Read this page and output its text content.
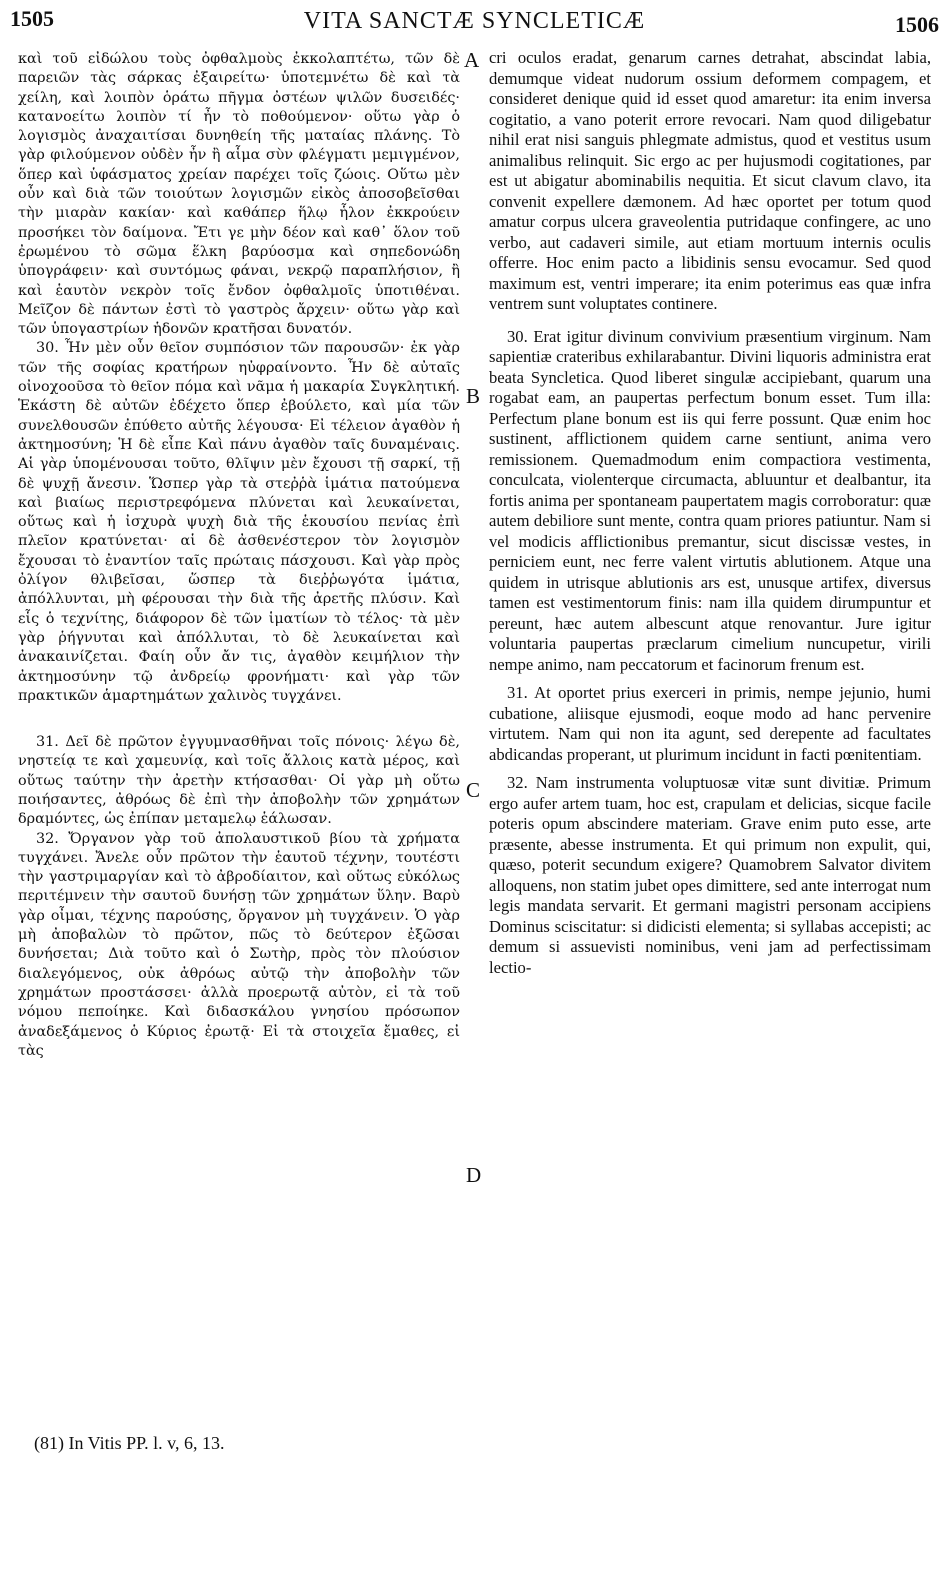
1505	VITA SANCTÆ SYNCLETICÆ	1506

καὶ τοῦ εἰδώλου τοὺς ὀφθαλμοὺς ἐκκολαπτέτω, τῶν δὲ παρειῶν τὰς σάρκας ἐξαιρείτω· ὑποτεμνέτω δὲ καὶ τὰ χείλη, καὶ λοιπὸν ὁράτω πῆγμα ὀστέων ψιλῶν δυσειδές· κατανοείτω λοιπὸν τί ἦν τὸ ποθούμενον· οὕτω γὰρ ὁ λογισμὸς ἀναχαιτίσαι δυνηθείη τῆς ματαίας πλάνης. Τὸ γὰρ φιλούμενον οὐδὲν ἦν ἢ αἷμα σὺν φλέγματι μεμιγμένον, ὅπερ καὶ ὑφάσματος χρείαν παρέχει τοῖς ζώοις. Οὕτω μὲν οὖν καὶ διὰ τῶν τοιούτων λογισμῶν εἰκὸς ἀποσοβεῖσθαι τὴν μιαρὰν κακίαν· καὶ καθάπερ ἥλῳ ἧλον ἐκκρούειν προσήκει τὸν δαίμονα. Ἔτι γε μὴν δέον καὶ καθ᾽ ὅλον τοῦ ἐρωμένου τὸ σῶμα ἕλκη βαρύοσμα καὶ σηπεδονώδη ὑπογράφειν· καὶ συντόμως φάναι, νεκρῷ παραπλήσιον, ἢ καὶ ἑαυτὸν νεκρὸν τοῖς ἔνδον ὀφθαλμοῖς ὑποτιθέναι. Μεῖζον δὲ πάντων ἐστὶ τὸ γαστρὸς ἄρχειν· οὕτω γὰρ καὶ τῶν ὑπογαστρίων ἡδονῶν κρατῆσαι δυνατόν.

30. Ἦν μὲν οὖν θεῖον συμπόσιον τῶν παρουσῶν· ἐκ γὰρ τῶν τῆς σοφίας κρατήρων ηὐφραίνοντο. Ἦν δὲ αὐταῖς οἰνοχοοῦσα τὸ θεῖον πόμα καὶ νᾶμα ἡ μακαρία Συγκλητική. Ἑκάστη δὲ αὐτῶν ἐδέχετο ὅπερ ἐβούλετο, καὶ μία τῶν συνελθουσῶν ἐπύθετο αὐτῆς λέγουσα· Εἰ τέλειον ἀγαθὸν ἡ ἀκτημοσύνη; Ἡ δὲ εἶπε Καὶ πάνυ ἀγαθὸν ταῖς δυναμέναις. Αἱ γὰρ ὑπομένουσαι τοῦτο, θλῖψιν μὲν ἔχουσι τῇ σαρκί, τῇ δὲ ψυχῇ ἄνεσιν. Ὥσπερ γὰρ τὰ στεῤῥὰ ἱμάτια πατούμενα καὶ βιαίως περιστρεφόμενα πλύνεται καὶ λευκαίνεται, οὕτως καὶ ἡ ἰσχυρὰ ψυχὴ διὰ τῆς ἑκουσίου πενίας ἐπὶ πλεῖον κρατύνεται· αἱ δὲ ἀσθενέστερον τὸν λογισμὸν ἔχουσαι τὸ ἐναντίον ταῖς πρώταις πάσχουσι. Καὶ γὰρ πρὸς ὀλίγον θλιβεῖσαι, ὥσπερ τὰ διεῤῥωγότα ἱμάτια, ἀπόλλυνται, μὴ φέρουσαι τὴν διὰ τῆς ἀρετῆς πλύσιν. Καὶ εἷς ὁ τεχνίτης, διάφορον δὲ τῶν ἱματίων τὸ τέλος· τὰ μὲν γὰρ ῥήγνυται καὶ ἀπόλλυται, τὸ δὲ λευκαίνεται καὶ ἀνακαινίζεται. Φαίη οὖν ἄν τις, ἀγαθὸν κειμήλιον τὴν ἀκτημοσύνην τῷ ἀνδρείῳ φρονήματι· καὶ γὰρ τῶν πρακτικῶν ἁμαρτημάτων χαλινὸς τυγχάνει.

31. Δεῖ δὲ πρῶτον ἐγγυμνασθῆναι τοῖς πόνοις· λέγω δὲ, νηστείᾳ τε καὶ χαμευνίᾳ, καὶ τοῖς ἄλλοις κατὰ μέρος, καὶ οὕτως ταύτην τὴν ἀρετὴν κτήσασθαι· Οἱ γὰρ μὴ οὕτω ποιήσαντες, ἀθρόως δὲ ἐπὶ τὴν ἀποβολὴν τῶν χρημάτων δραμόντες, ὡς ἐπίπαν μεταμελῳ ἑάλωσαν.

32. Ὄργανον γὰρ τοῦ ἀπολαυστικοῦ βίου τὰ χρήματα τυγχάνει. Ἄνελε οὖν πρῶτον τὴν ἑαυτοῦ τέχνην, τουτέστι τὴν γαστριμαργίαν καὶ τὸ ἀβροδίαιτον, καὶ οὕτως εὐκόλως περιτέμνειν τὴν σαυτοῦ δυνήσῃ τῶν χρημάτων ὕλην. Βαρὺ γὰρ οἶμαι, τέχνης παρούσης, ὄργανον μὴ τυγχάνειν. Ὁ γὰρ μὴ ἀποβαλὼν τὸ πρῶτον, πῶς τὸ δεύτερον ἐξῶσαι δυνήσεται; Διὰ τοῦτο καὶ ὁ Σωτὴρ, πρὸς τὸν πλούσιον διαλεγόμενος, οὐκ ἀθρόως αὐτῷ τὴν ἀποβολὴν τῶν χρημάτων προστάσσει· ἀλλὰ προερωτᾷ αὐτὸν, εἰ τὰ τοῦ νόμου πεποίηκε. Καὶ διδασκάλου γνησίου πρόσωπον ἀναδεξάμενος ὁ Κύριος ἐρωτᾷ· Εἰ τὰ στοιχεῖα ἔμαθες, εἰ τὰς

A
B
C
D

cri oculos eradat, genarum carnes detrahat, abscindat labia, demumque videat nudorum ossium deformem compagem, et consideret denique quid id esset quod amaretur: ita enim inversa cogitatio, a vano poterit errore revocari. Nam quod diligebatur nihil erat nisi sanguis phlegmate admistus, quod et vestitus usum animalibus relinquit. Sic ergo ac per hujusmodi cogitationes, par est ut abigatur abominabilis nequitia. Et sicut clavum clavo, ita convenit expellere dæmonem. Ad hæc oportet per totum quod amatur corpus ulcera graveolentia putridaque confingere, ac uno verbo, aut cadaveri simile, aut etiam mortuum internis oculis offerre. Hoc enim pacto a libidinis sensu evocamur. Sed quod maximum est, ventri imperare; ita enim poterimus eas quæ infra ventrem sunt voluptates continere.

30. Erat igitur divinum convivium præsentium virginum. Nam sapientiæ crateribus exhilarabantur. Divini liquoris administra erat beata Syncletica. Quod liberet singulæ accipiebant, quarum una rogabat eam, an paupertas perfectum bonum esset. Tum illa: Perfectum plane bonum est iis qui ferre possunt. Quæ enim hoc sustinent, afflictionem quidem carne sentiunt, anima vero remissionem. Quemadmodum enim compactiora vestimenta, conculcata, violenterque circumacta, abluuntur et dealbantur, ita fortis anima per spontaneam paupertatem magis corroboratur: quæ autem debiliore sunt mente, contra quam priores patiuntur. Nam si vel modicis afflictionibus premantur, sicut discissæ vestes, in perniciem eunt, nec ferre valent virtutis ablutionem. Atque una quidem in utrisque ablutionis ars est, unusque artifex, diversus tamen est vestimentorum finis: nam illa quidem dirumpuntur et pereunt, hæc autem albescunt atque renovantur. Jure igitur voluntaria paupertas præclarum cimelium nuncupetur, virili nempe animo, nam peccatorum et facinorum frenum est.

31. At oportet prius exerceri in primis, nempe jejunio, humi cubatione, aliisque ejusmodi, eoque modo ad hanc pervenire virtutem. Nam qui non ita agunt, sed derepente ad facultates abdicandas properant, ut plurimum incidunt in facti pœnitentiam.

32. Nam instrumenta voluptuosæ vitæ sunt divitiæ. Primum ergo aufer artem tuam, hoc est, crapulam et delicias, sicque facile poteris opum abscindere materiam. Grave enim puto esse, arte præsente, abesse instrumenta. Et qui primum non expulit, qui, quæso, poterit secundum exigere? Quamobrem Salvator divitem alloquens, non statim jubet opes dimittere, sed ante interrogat num legis mandata servarit. Et germani magistri personam accipiens Dominus sciscitatur: si didicisti elementa; si syllabas accepisti; ac demum si assuevisti nominibus, veni jam ad perfectissimam lectio-

(81) In Vitis PP. l. v, 6, 13.
